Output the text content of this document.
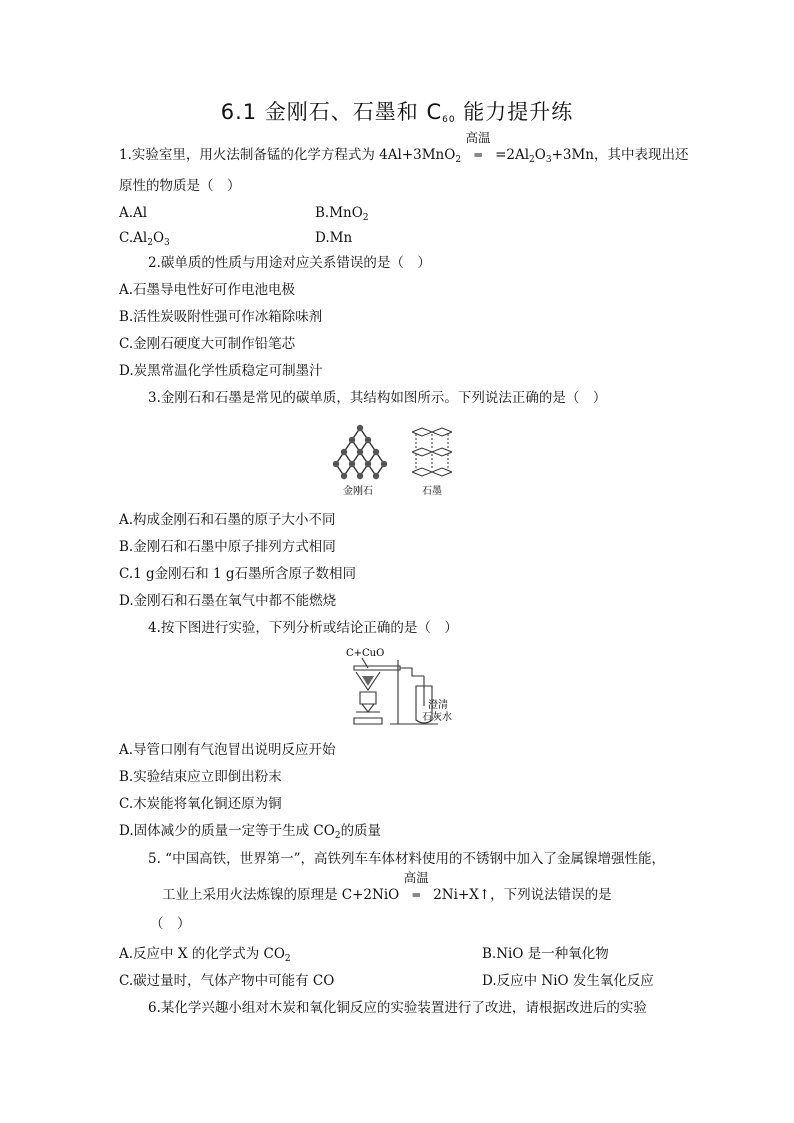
6.1 金刚石、石墨和 $C_{60}$ 能力提升练
1.实验室里，用火法制备锰的化学方程式为 4Al+3MnO$_2$
高温
═ $=2Al_2O_3+3Mn$，其中表现出还
原性的物质是（　）
A.Al	B.MnO$_2$
$C.Al_2O_3$	D.Mn
2.碳单质的性质与用途对应关系错误的是（　）
A.石墨导电性好可作电池电极
B.活性炭吸附性强可作冰箱除味剂
C.金刚石硬度大可制作铅笔芯
D.炭黑常温化学性质稳定可制墨汁
3.金刚石和石墨是常见的碳单质，其结构如图所示。下列说法正确的是（　）
金刚石	石墨
A.构成金刚石和石墨的原子大小不同
B.金刚石和石墨中原子排列方式相同
C.1 g金刚石和 1 g石墨所含原子数相同
D.金刚石和石墨在氧气中都不能燃烧
4.按下图进行实验，下列分析或结论正确的是（　）
C+CuO
澄清
石灰水
A.导管口刚有气泡冒出说明反应开始
B.实验结束应立即倒出粉末
C.木炭能将氧化铜还原为铜
D.固体减少的质量一定等于生成 $CO_2$的质量
5. “中国高铁，世界第一”，高铁列车车体材料使用的不锈钢中加入了金属镍增强性能，
工业上采用火法炼镍的原理是 C+2NiO
高温
═ 2Ni+X↑，下列说法错误的是
（　）
A.反应中 X 的化学式为 $CO_2$	B.NiO 是一种氧化物
C.碳过量时，气体产物中可能有 CO	D.反应中 NiO 发生氧化反应
6.某化学兴趣小组对木炭和氧化铜反应的实验装置进行了改进，请根据改进后的实验
